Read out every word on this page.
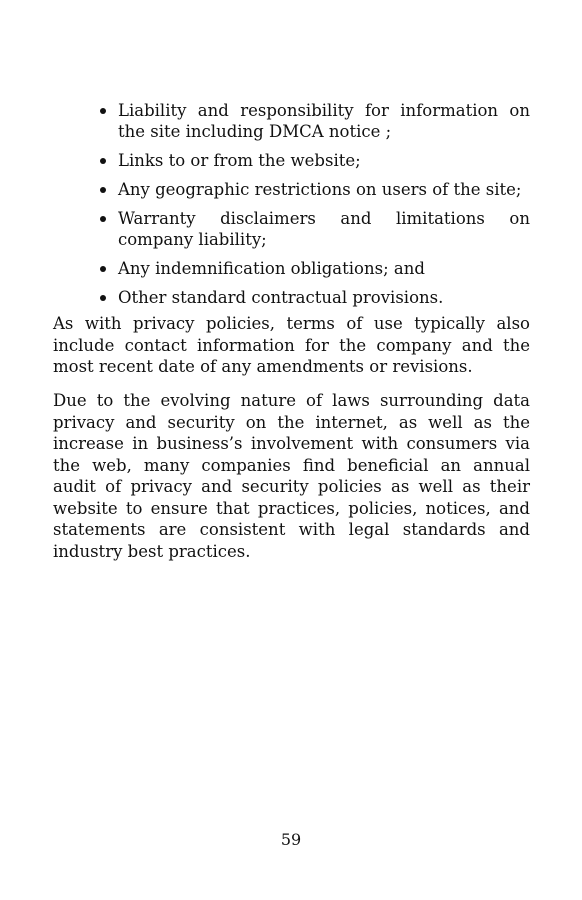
Liability and responsibility for information on the site including DMCA notice ;
Links to or from the website;
Any geographic restrictions on users of the site;
Warranty disclaimers and limitations on company liability;
Any indemnification obligations; and
Other standard contractual provisions.

As with privacy policies, terms of use typically also include contact information for the company and the most recent date of any amendments or revisions.

Due to the evolving nature of laws surrounding data privacy and security on the internet, as well as the increase in business’s involvement with consumers via the web, many companies find beneficial an annual audit of privacy and security policies as well as their website to ensure that practices, policies, notices, and statements are consistent with legal standards and industry best practices.

59
